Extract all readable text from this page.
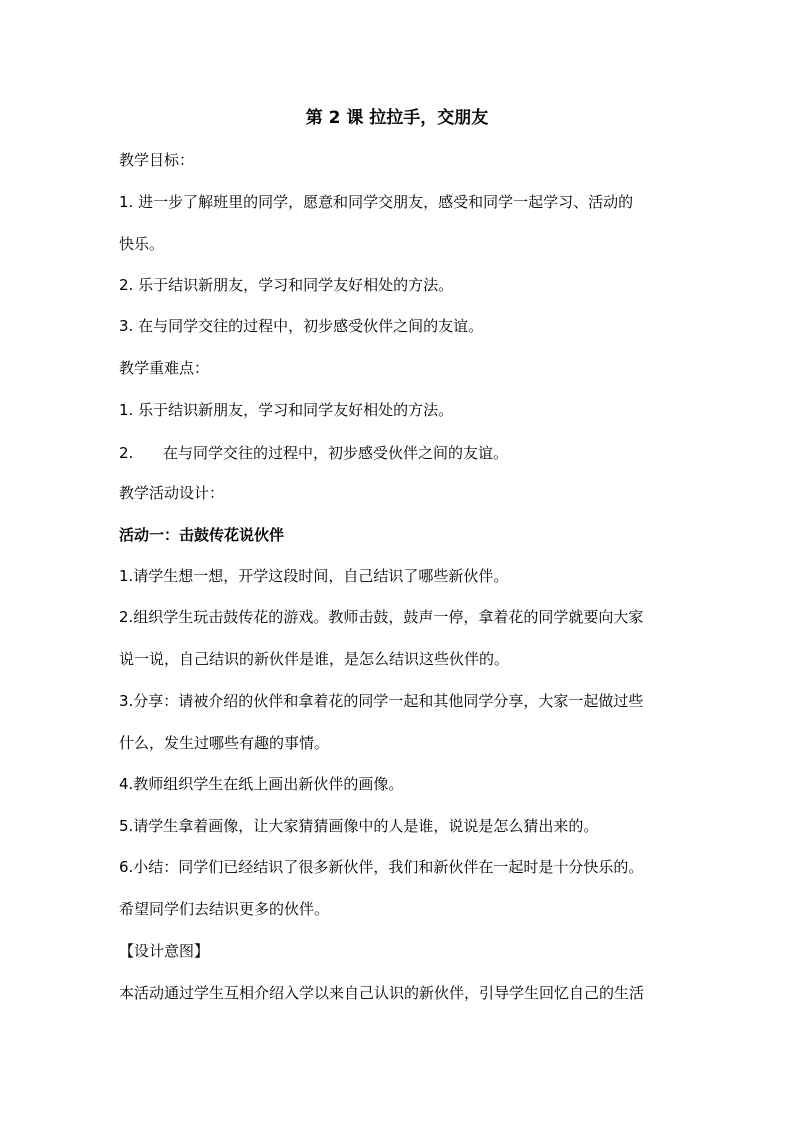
第 2 课 拉拉手，交朋友
教学目标：
1. 进一步了解班里的同学，愿意和同学交朋友，感受和同学一起学习、活动的
快乐。
2. 乐于结识新朋友，学习和同学友好相处的方法。
3. 在与同学交往的过程中，初步感受伙伴之间的友谊。
教学重难点：
1. 乐于结识新朋友，学习和同学友好相处的方法。
2. 在与同学交往的过程中，初步感受伙伴之间的友谊。
教学活动设计：
活动一：击鼓传花说伙伴
1.请学生想一想，开学这段时间，自己结识了哪些新伙伴。
2.组织学生玩击鼓传花的游戏。教师击鼓，鼓声一停，拿着花的同学就要向大家
说一说，自己结识的新伙伴是谁，是怎么结识这些伙伴的。
3.分享：请被介绍的伙伴和拿着花的同学一起和其他同学分享，大家一起做过些
什么，发生过哪些有趣的事情。
4.教师组织学生在纸上画出新伙伴的画像。
5.请学生拿着画像，让大家猜猜画像中的人是谁，说说是怎么猜出来的。
6.小结：同学们已经结识了很多新伙伴，我们和新伙伴在一起时是十分快乐的。
希望同学们去结识更多的伙伴。
【设计意图】
本活动通过学生互相介绍入学以来自己认识的新伙伴，引导学生回忆自己的生活
